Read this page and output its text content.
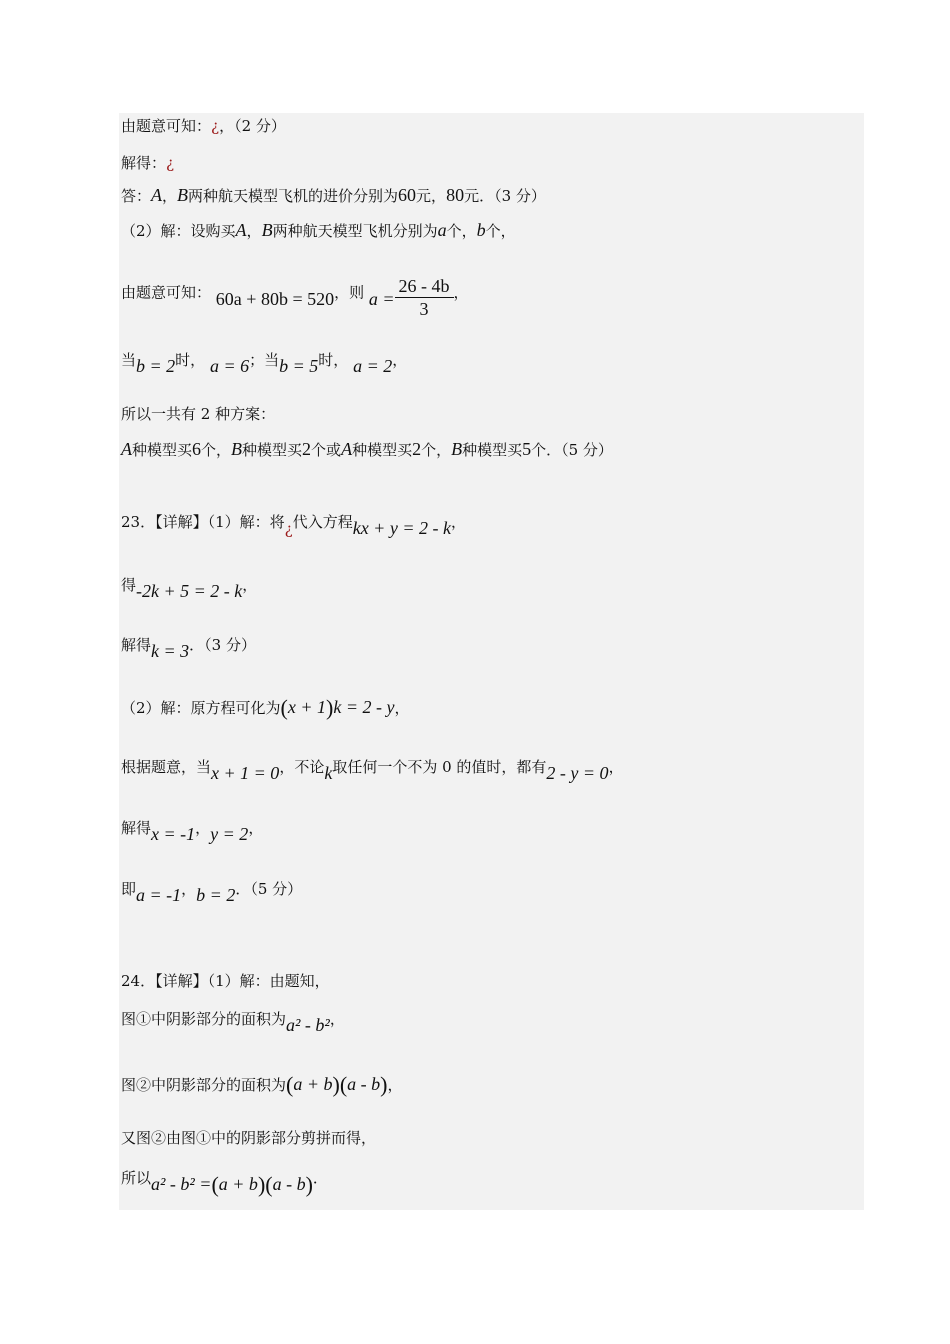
由题意可知：¿，（2 分）
解得：¿
答：A，B两种航天模型飞机的进价分别为60元，80元．（3 分）
（2）解：设购买A，B两种航天模型飞机分别为a个，b个，
由题意可知： 60a + 80b = 520，则 $a = \frac{26 - 4b}{3}$ ，
当b = 2时， a = 6；当b = 5时， a = 2，
所以一共有 2 种方案：
A种模型买6个，B种模型买2个或A种模型买2个，B种模型买5个．（5 分）
23．【详解】（1）解：将¿代入方程kx + y = 2 - k，
得-2k + 5 = 2 - k，
解得k = 3．（3 分）
（2）解：原方程可化为(x + 1)k = 2 - y，
根据题意，当x + 1 = 0，不论k取任何一个不为 0 的值时，都有2 - y = 0，
解得x = -1，y = 2，
即a = -1，b = 2．（5 分）
24．【详解】（1）解：由题知，
图①中阴影部分的面积为a² - b²，
图②中阴影部分的面积为(a + b)(a - b)，
又图②由图①中的阴影部分剪拼而得，
所以a² - b² =(a + b)(a - b)．
